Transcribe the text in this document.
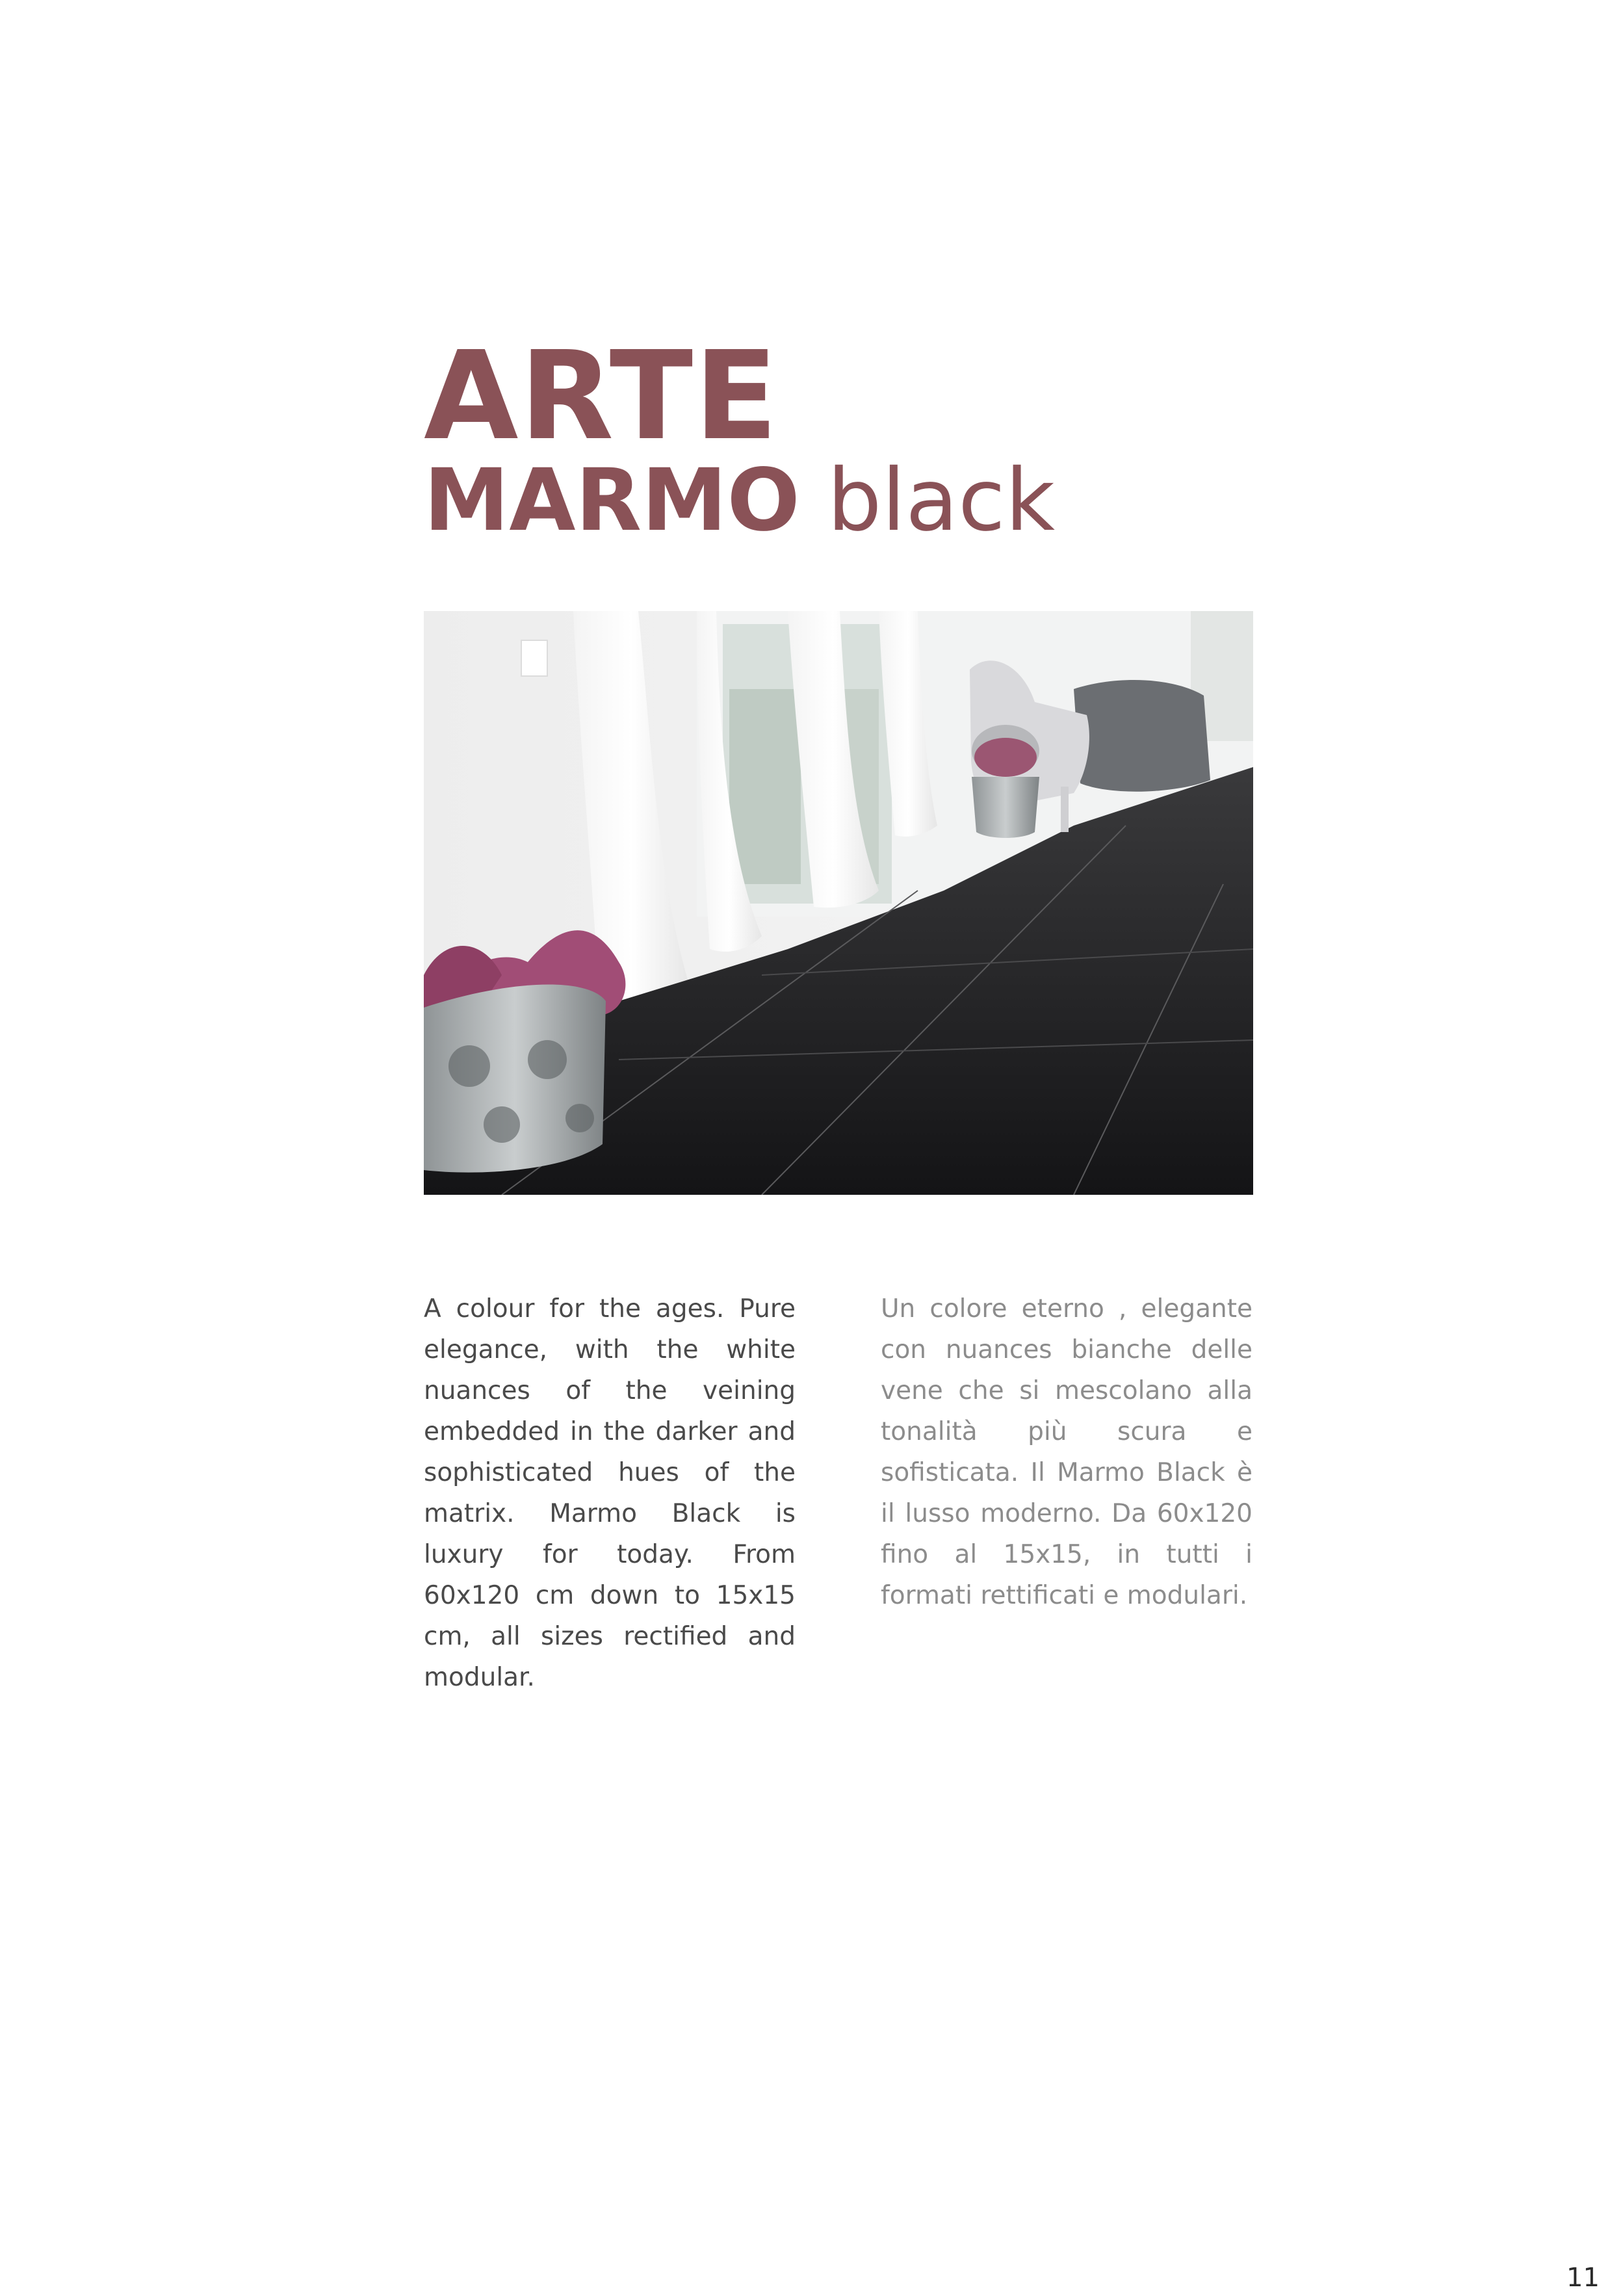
ARTE
MARMO black

A colour for the ages. Pure elegance, with the white nuances of the veining embedded in the darker and sophisticated hues of the matrix. Marmo Black is luxury for today. From 60x120 cm down to 15x15 cm, all sizes rectified and modular.

Un colore eterno , elegante con nuances bianche delle vene che si mescolano alla tonalità più scura e sofisticata. Il Marmo Black è il lusso moderno. Da 60x120 fino al 15x15, in tutti i formati rettificati e modulari.

11
